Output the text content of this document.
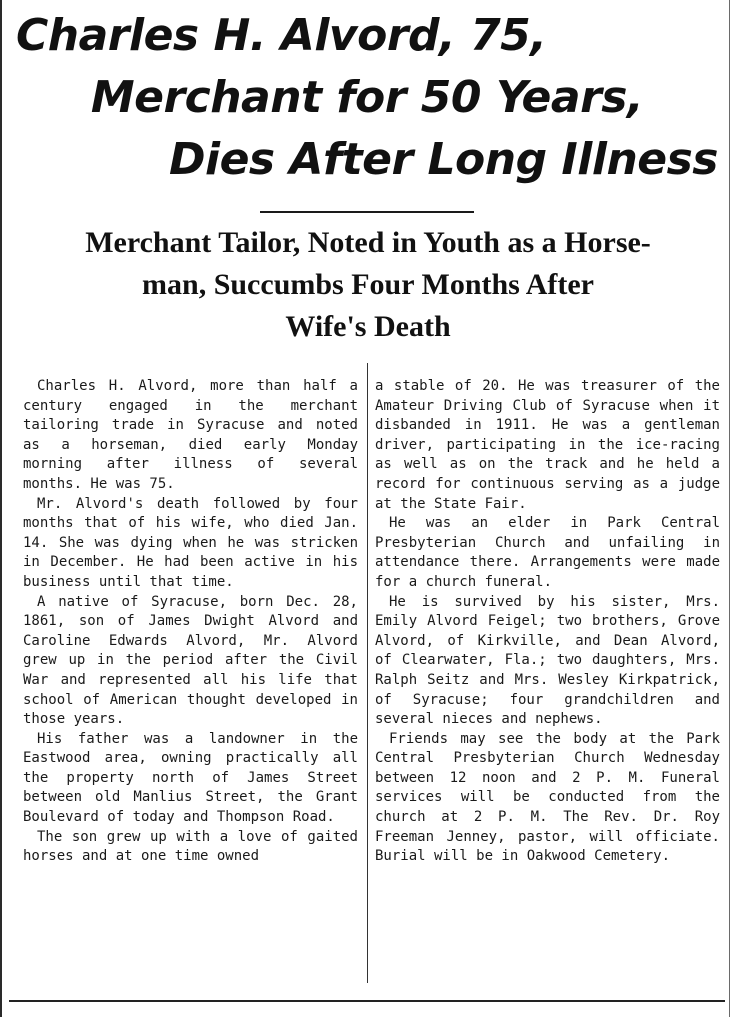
Charles H. Alvord, 75,
Merchant for 50 Years,
Dies After Long Illness
Merchant Tailor, Noted in Youth as a Horse-
man, Succumbs Four Months After
Wife's Death

Charles H. Alvord, more than half a century engaged in the merchant tailoring trade in Syracuse and noted as a horseman, died early Monday morning after illness of several months. He was 75.

Mr. Alvord's death followed by four months that of his wife, who died Jan. 14. She was dying when he was stricken in December. He had been active in his business until that time.

A native of Syracuse, born Dec. 28, 1861, son of James Dwight Alvord and Caroline Edwards Alvord, Mr. Alvord grew up in the period after the Civil War and represented all his life that school of American thought developed in those years.

His father was a landowner in the Eastwood area, owning practically all the property north of James Street between old Manlius Street, the Grant Boulevard of today and Thompson Road.

The son grew up with a love of gaited horses and at one time owned

a stable of 20. He was treasurer of the Amateur Driving Club of Syracuse when it disbanded in 1911. He was a gentleman driver, participating in the ice-racing as well as on the track and he held a record for continuous serving as a judge at the State Fair.

He was an elder in Park Central Presbyterian Church and unfailing in attendance there. Arrangements were made for a church funeral.

He is survived by his sister, Mrs. Emily Alvord Feigel; two brothers, Grove Alvord, of Kirkville, and Dean Alvord, of Clearwater, Fla.; two daughters, Mrs. Ralph Seitz and Mrs. Wesley Kirkpatrick, of Syracuse; four grandchildren and several nieces and nephews.

Friends may see the body at the Park Central Presbyterian Church Wednesday between 12 noon and 2 P. M. Funeral services will be conducted from the church at 2 P. M. The Rev. Dr. Roy Freeman Jenney, pastor, will officiate. Burial will be in Oakwood Cemetery.
